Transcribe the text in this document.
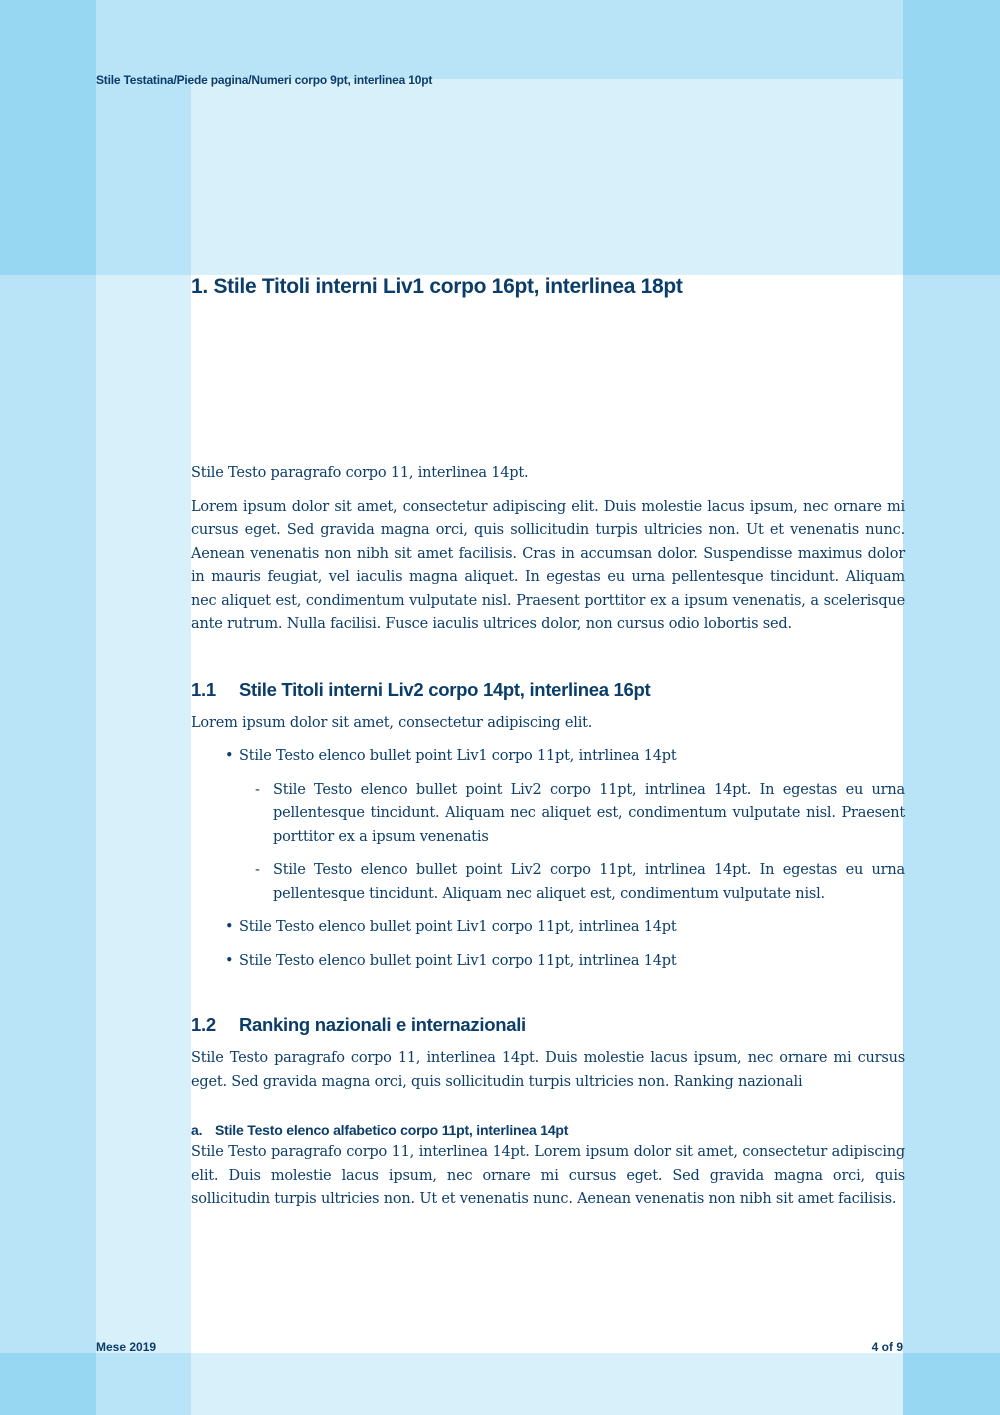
Stile Testatina/Piede pagina/Numeri corpo 9pt, interlinea 10pt
1. Stile Titoli interni Liv1 corpo 16pt, interlinea 18pt

Stile Testo paragrafo corpo 11, interlinea 14pt.

Lorem ipsum dolor sit amet, consectetur adipiscing elit. Duis molestie lacus ipsum, nec ornare mi cursus eget. Sed gravida magna orci, quis sollicitudin turpis ultricies non. Ut et venenatis nunc. Aenean venenatis non nibh sit amet facilisis. Cras in accumsan dolor. Suspendisse maximus dolor in mauris feugiat, vel iaculis magna aliquet. In egestas eu urna pellentesque tincidunt. Aliquam nec aliquet est, condimentum vulputate nisl. Praesent porttitor ex a ipsum venenatis, a scelerisque ante rutrum. Nulla facilisi. Fusce iaculis ultrices dolor, non cursus odio lobortis sed.

1.1 Stile Titoli interni Liv2 corpo 14pt, interlinea 16pt

Lorem ipsum dolor sit amet, consectetur adipiscing elit.

• Stile Testo elenco bullet point Liv1 corpo 11pt, intrlinea 14pt
- Stile Testo elenco bullet point Liv2 corpo 11pt, intrlinea 14pt. In egestas eu urna pellentesque tincidunt. Aliquam nec aliquet est, condimentum vulputate nisl. Praesent porttitor ex a ipsum venenatis
- Stile Testo elenco bullet point Liv2 corpo 11pt, intrlinea 14pt. In egestas eu urna pellentesque tincidunt. Aliquam nec aliquet est, condimentum vulputate nisl.
• Stile Testo elenco bullet point Liv1 corpo 11pt, intrlinea 14pt
• Stile Testo elenco bullet point Liv1 corpo 11pt, intrlinea 14pt
1.2 Ranking nazionali e internazionali

Stile Testo paragrafo corpo 11, interlinea 14pt. Duis molestie lacus ipsum, nec ornare mi cursus eget. Sed gravida magna orci, quis sollicitudin turpis ultricies non. Ranking nazionali

a. Stile Testo elenco alfabetico corpo 11pt, interlinea 14pt

Stile Testo paragrafo corpo 11, interlinea 14pt. Lorem ipsum dolor sit amet, consectetur adipiscing elit. Duis molestie lacus ipsum, nec ornare mi cursus eget. Sed gravida magna orci, quis sollicitudin turpis ultricies non. Ut et venenatis nunc. Aenean venenatis non nibh sit amet facilisis.

Mese 2019	4 of 9
